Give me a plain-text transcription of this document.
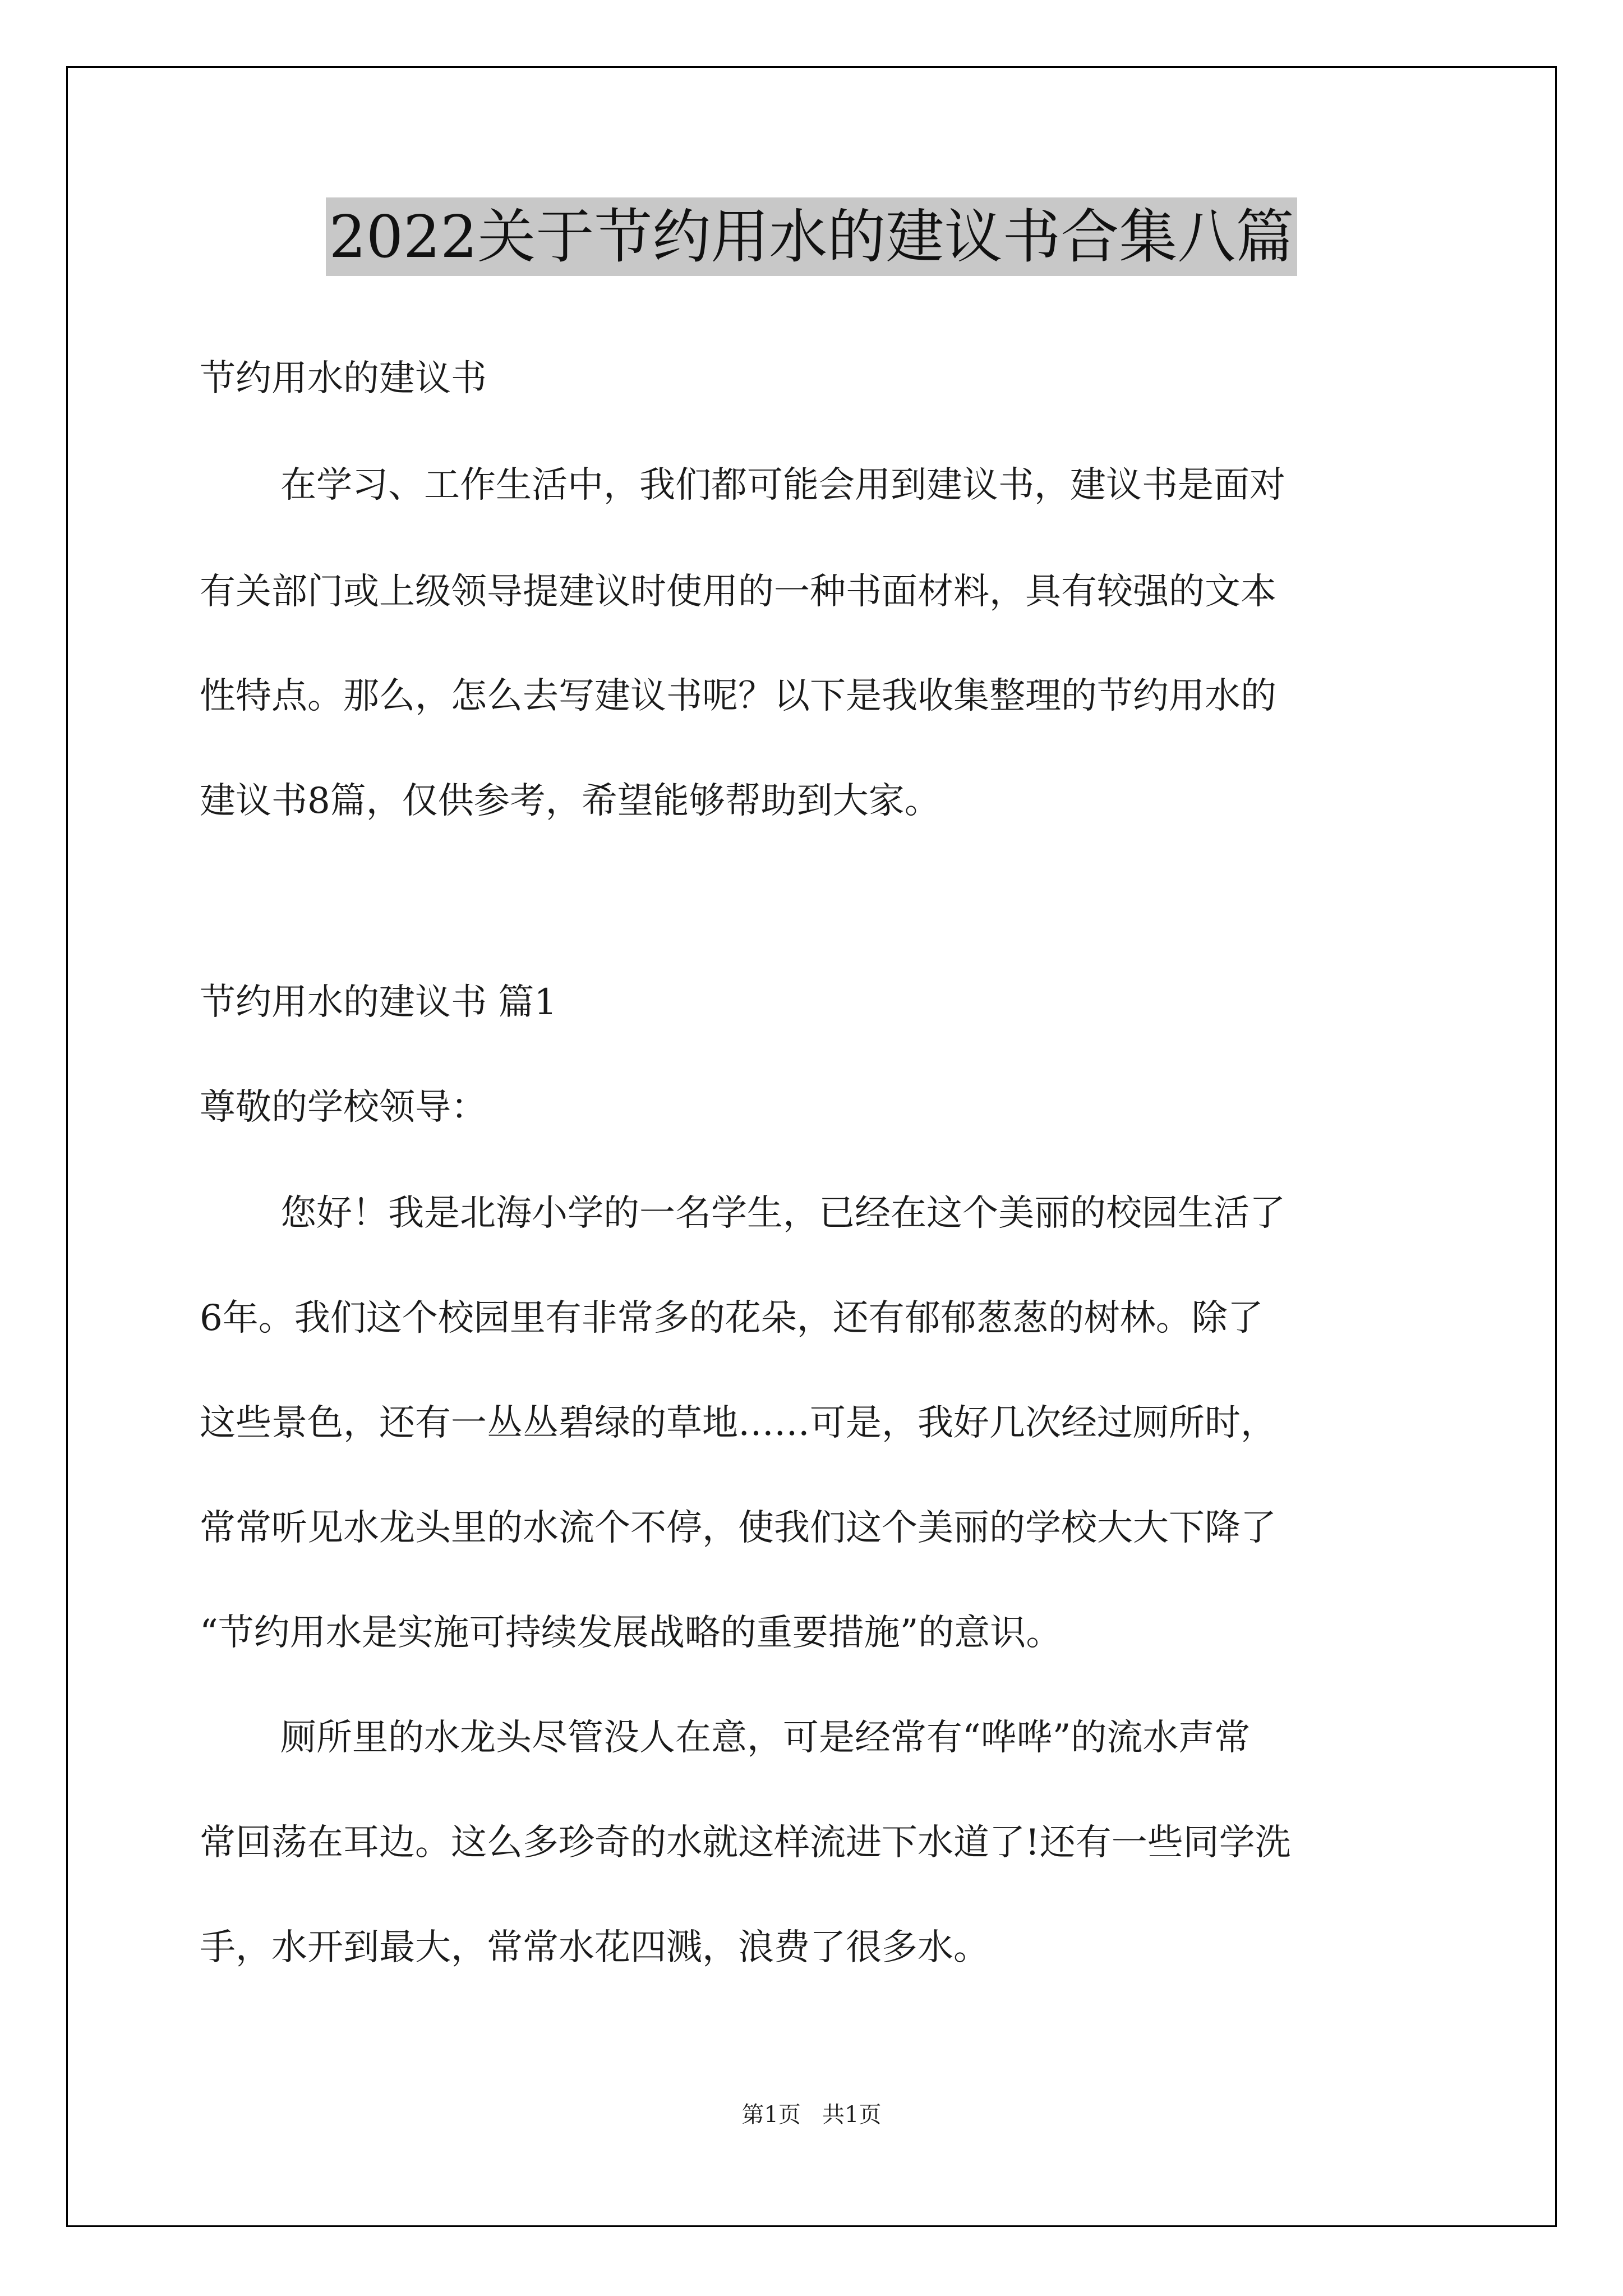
2022关于节约用水的建议书合集八篇
节约用水的建议书
在学习、工作生活中，我们都可能会用到建议书，建议书是面对
有关部门或上级领导提建议时使用的一种书面材料，具有较强的文本
性特点。那么，怎么去写建议书呢？以下是我收集整理的节约用水的
建议书8篇，仅供参考，希望能够帮助到大家。
节约用水的建议书 篇1
尊敬的学校领导：
您好！我是北海小学的一名学生，已经在这个美丽的校园生活了
6年。我们这个校园里有非常多的花朵，还有郁郁葱葱的树林。除了
这些景色，还有一丛丛碧绿的草地……可是，我好几次经过厕所时，
常常听见水龙头里的水流个不停，使我们这个美丽的学校大大下降了
“节约用水是实施可持续发展战略的重要措施”的意识。
厕所里的水龙头尽管没人在意，可是经常有“哗哗”的流水声常
常回荡在耳边。这么多珍奇的水就这样流进下水道了!还有一些同学洗
手，水开到最大，常常水花四溅，浪费了很多水。
第1页   共1页
